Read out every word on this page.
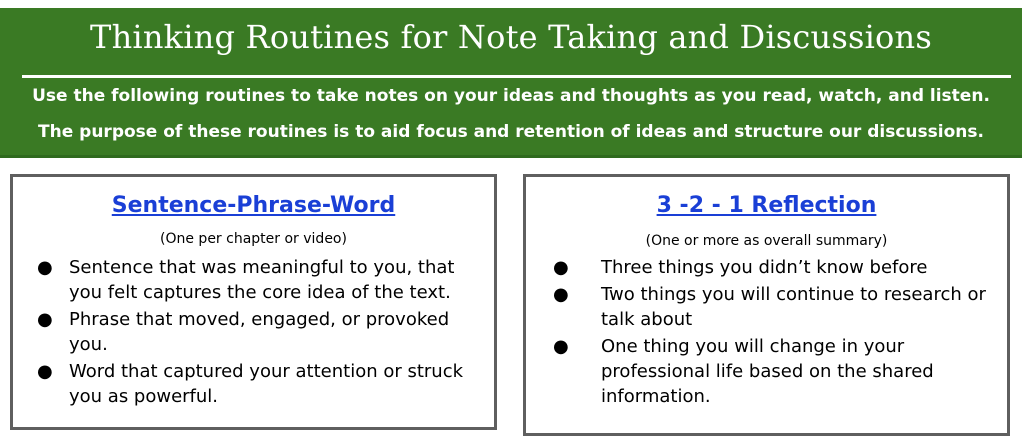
Thinking Routines for Note Taking and Discussions
Use the following routines to take notes on your ideas and thoughts as you read, watch, and listen.
The purpose of these routines is to aid focus and retention of ideas and structure our discussions.
Sentence-Phrase-Word
(One per chapter or video)
● Sentence that was meaningful to you, that you felt captures the core idea of the text.
● Phrase that moved, engaged, or provoked you.
● Word that captured your attention or struck you as powerful.
3 -2 - 1 Reflection
(One or more as overall summary)
● Three things you didn’t know before
● Two things you will continue to research or talk about
● One thing you will change in your professional life based on the shared information.
